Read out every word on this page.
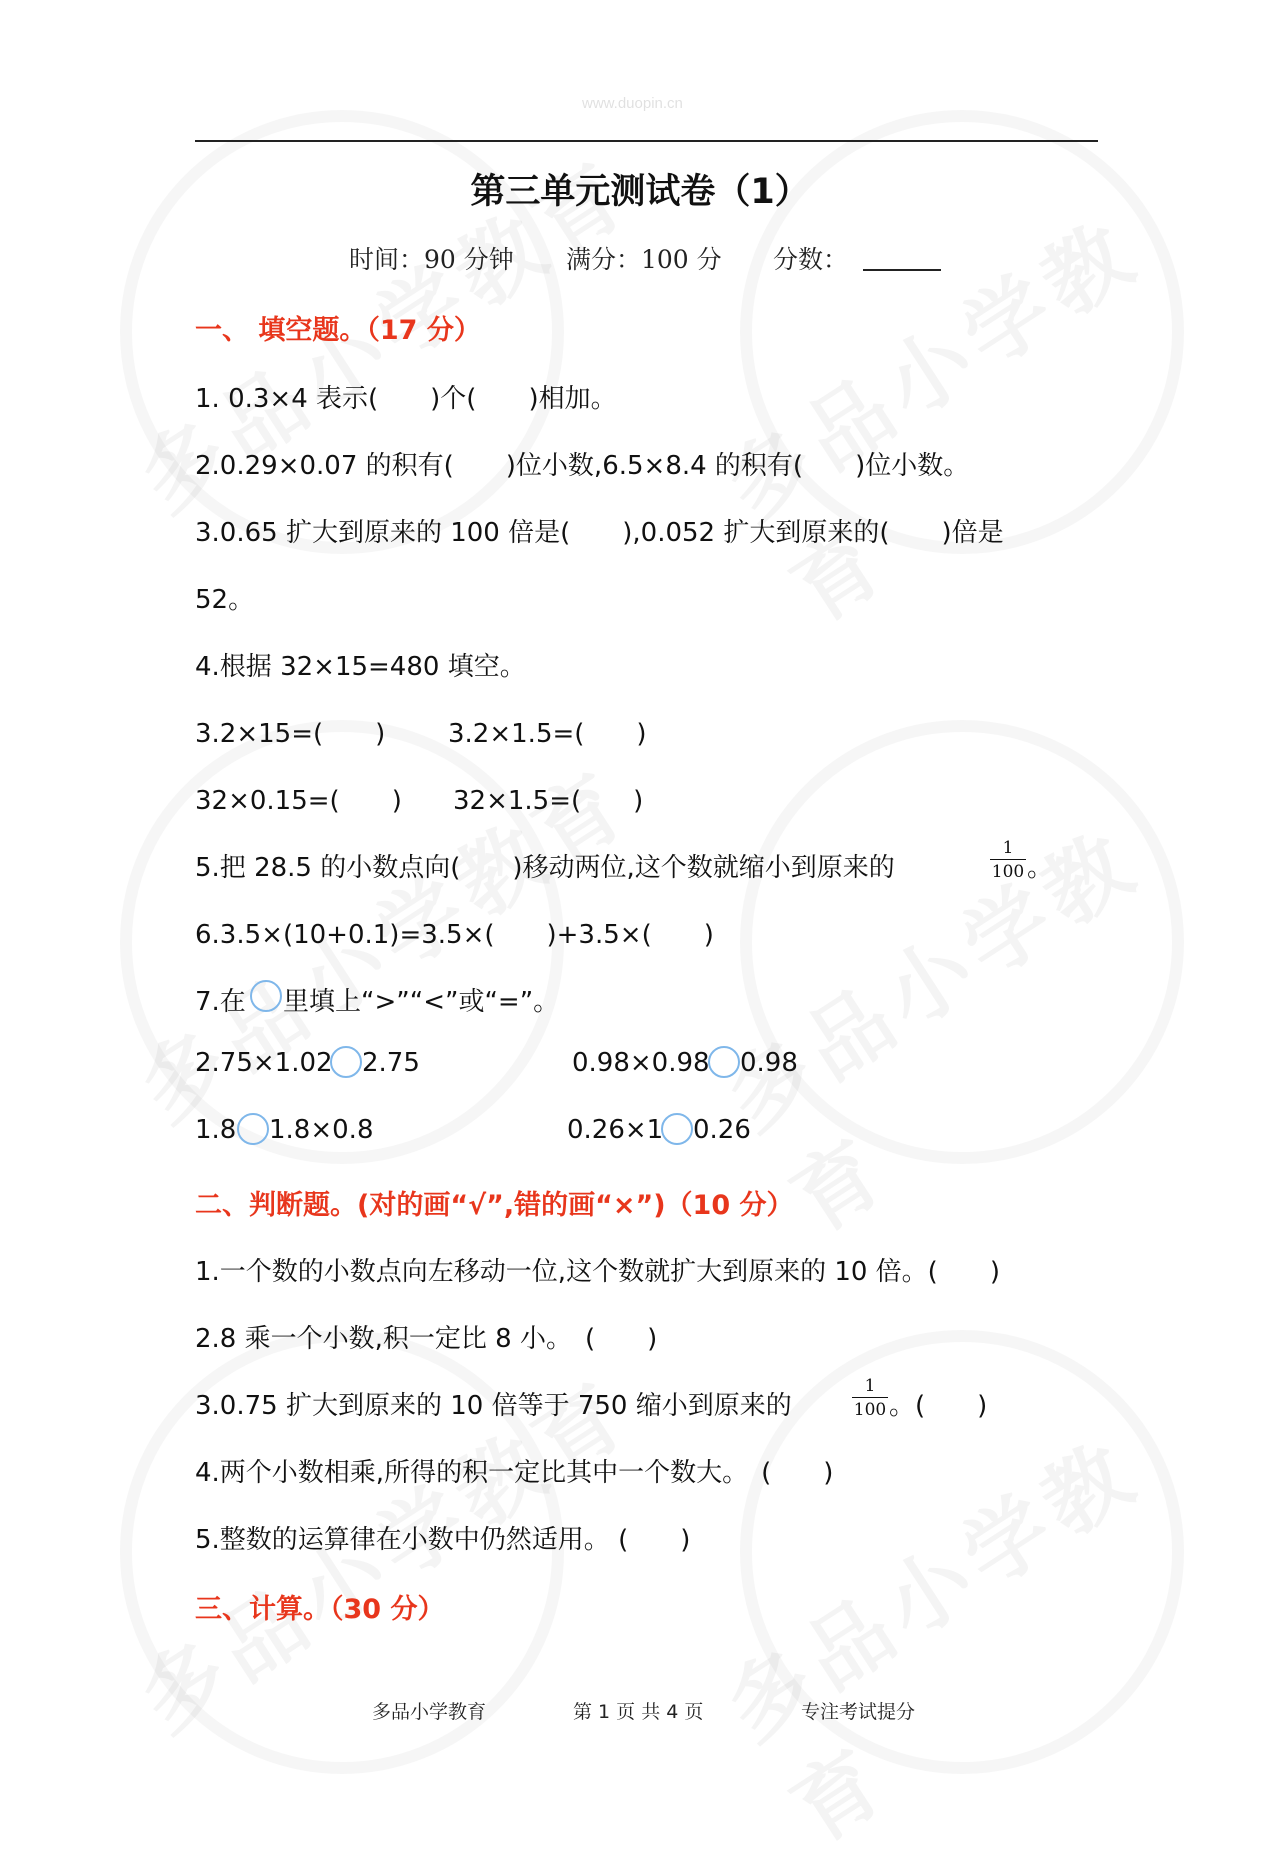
www.duopin.cn
第三单元测试卷（1）
时间：90 分钟 满分：100 分 分数：
一、 填空题。（17 分）
1. 0.3×4 表示(　　)个(　　)相加。
2.0.29×0.07 的积有(　　)位小数,6.5×8.4 的积有(　　)位小数。
3.0.65 扩大到原来的 100 倍是(　　),0.052 扩大到原来的(　　)倍是
52。
4.根据 32×15=480 填空。
3.2×15=(　　) 3.2×1.5=(　　)
32×0.15=(　　) 32×1.5=(　　)
5.把 28.5 的小数点向(　　)移动两位,这个数就缩小到原来的
1
100 。
6.3.5×(10+0.1)=3.5×(　　)+3.5×(　　)
7.在 里填上“>”“<”或“=”。
2.75×1.02 2.75	0.98×0.98 0.98
1.8 1.8×0.8	0.26×1 0.26
二、判断题。(对的画“√”,错的画“×”)（10 分）
1.一个数的小数点向左移动一位,这个数就扩大到原来的 10 倍。(　　)
2.8 乘一个小数,积一定比 8 小。　(　　)
3.0.75 扩大到原来的 10 倍等于 750 缩小到原来的
1
100 。(　　)
4.两个小数相乘,所得的积一定比其中一个数大。　(　　)
5.整数的运算律在小数中仍然适用。 (　　)
三、计算。（30 分）
多品小学教育	第 1 页 共 4 页	专注考试提分
